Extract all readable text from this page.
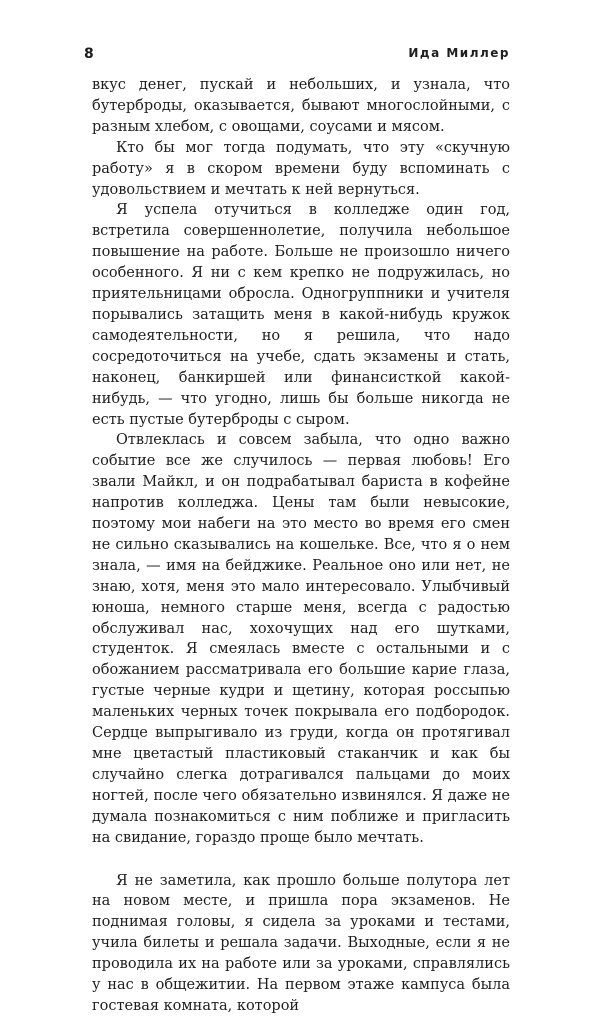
8	Ида Миллер

вкус денег, пускай и небольших, и узнала, что бутерброды, оказывается, бывают многослойными, с разным хлебом, с овощами, соусами и мясом.

Кто бы мог тогда подумать, что эту «скучную работу» я в скором времени буду вспоминать с удовольствием и мечтать к ней вернуться.

Я успела отучиться в колледже один год, встретила совершеннолетие, получила небольшое повышение на работе. Больше не произошло ничего особенного. Я ни с кем крепко не подружилась, но приятельницами обросла. Одногруппники и учителя порывались затащить меня в какой-нибудь кружок самодеятельности, но я решила, что надо сосредоточиться на учебе, сдать экзамены и стать, наконец, банкиршей или финансисткой какой-нибудь, — что угодно, лишь бы больше никогда не есть пустые бутерброды с сыром.

Отвлеклась и совсем забыла, что одно важно событие все же случилось — первая любовь! Его звали Майкл, и он подрабатывал баристa в кофейне напротив колледжа. Цены там были невысокие, поэтому мои набеги на это место во время его смен не сильно сказывались на кошельке. Все, что я о нем знала, — имя на бейджике. Реальное оно или нет, не знаю, хотя, меня это мало интересовало. Улыбчивый юноша, немного старше меня, всегда с радостью обслуживал нас, хохочущих над его шутками, студенток. Я смеялась вместе с остальными и с обожанием рассматривала его большие карие глаза, густые черные кудри и щетину, которая россыпью маленьких черных точек покрывала его подбородок. Сердце выпрыгивало из груди, когда он протягивал мне цветастый пластиковый стаканчик и как бы случайно слегка дотрагивался пальцами до моих ногтей, после чего обязательно извинялся. Я даже не думала познакомиться с ним поближе и пригласить на свидание, гораздо проще было мечтать.

Я не заметила, как прошло больше полутора лет на новом месте, и пришла пора экзаменов. Не поднимая головы, я сидела за уроками и тестами, учила билеты и решала задачи. Выходные, если я не проводила их на работе или за уроками, справлялись у нас в общежитии. На первом этаже кампуса была гостевая комната, которой
